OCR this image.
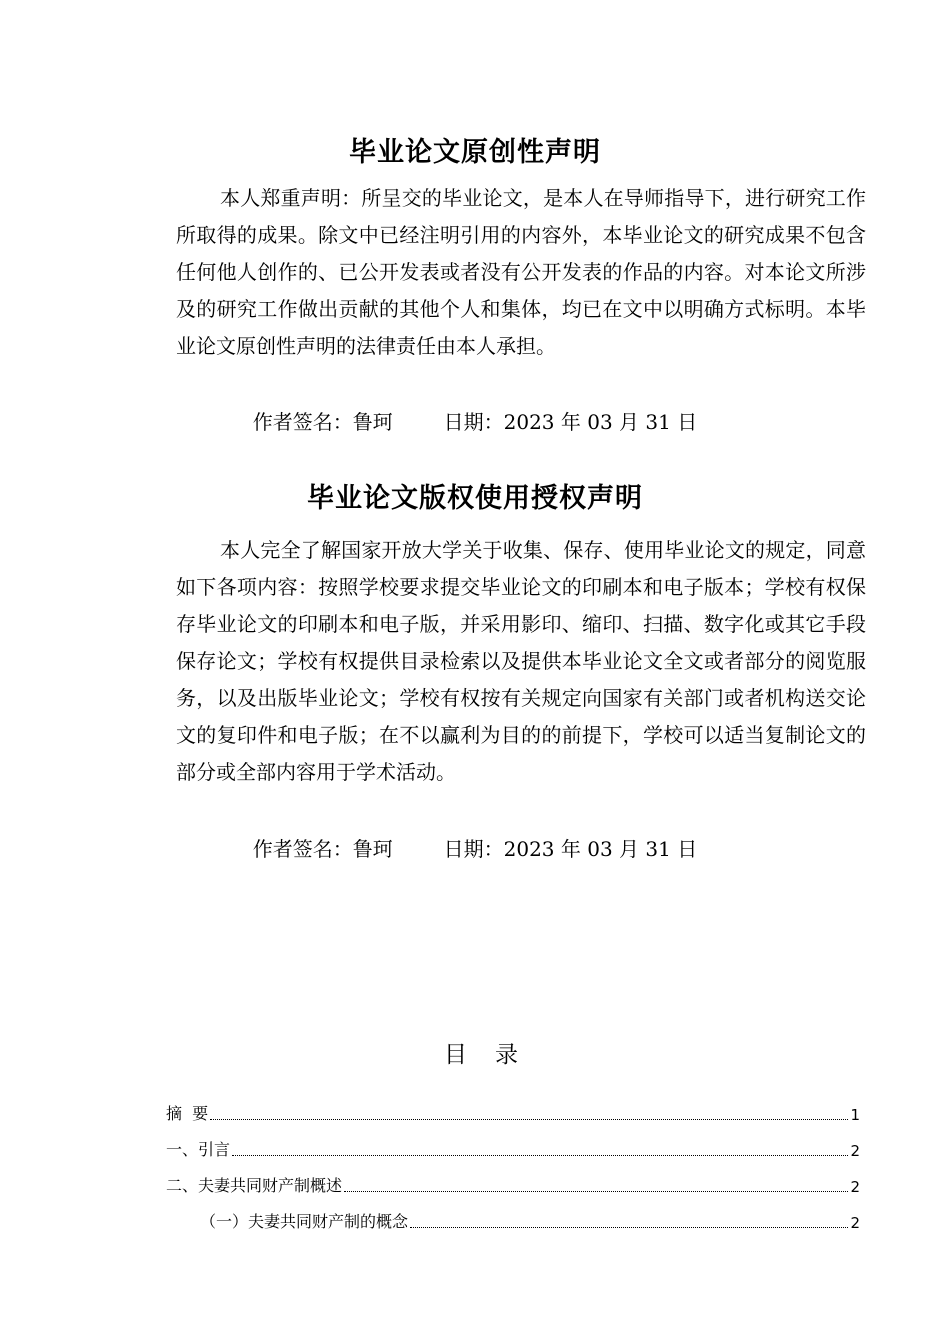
毕业论文原创性声明

本人郑重声明：所呈交的毕业论文，是本人在导师指导下，进行研究工作所取得的成果。除文中已经注明引用的内容外，本毕业论文的研究成果不包含任何他人创作的、已公开发表或者没有公开发表的作品的内容。对本论文所涉及的研究工作做出贡献的其他个人和集体，均已在文中以明确方式标明。本毕业论文原创性声明的法律责任由本人承担。

作者签名：鲁珂        日期：2023 年 03 月 31 日
毕业论文版权使用授权声明

本人完全了解国家开放大学关于收集、保存、使用毕业论文的规定，同意如下各项内容：按照学校要求提交毕业论文的印刷本和电子版本；学校有权保存毕业论文的印刷本和电子版，并采用影印、缩印、扫描、数字化或其它手段保存论文；学校有权提供目录检索以及提供本毕业论文全文或者部分的阅览服务，以及出版毕业论文；学校有权按有关规定向国家有关部门或者机构送交论文的复印件和电子版；在不以赢利为目的的前提下，学校可以适当复制论文的部分或全部内容用于学术活动。

作者签名：鲁珂        日期：2023 年 03 月 31 日
目录
摘  要	1
一、引言	2
二、夫妻共同财产制概述	2
（一）夫妻共同财产制的概念	2
